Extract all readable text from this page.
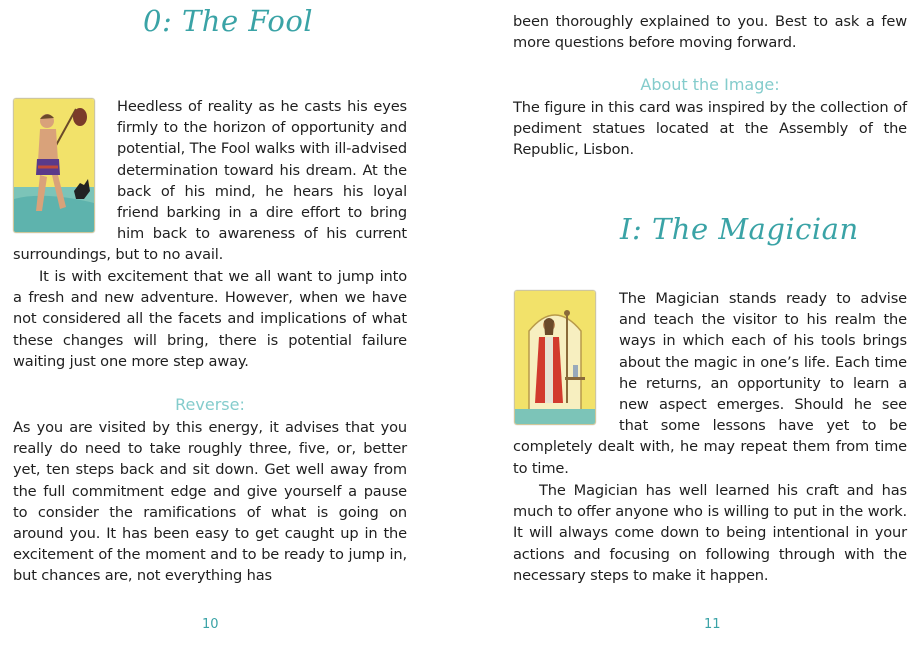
0: The Fool

Heedless of reality as he casts his eyes firmly to the horizon of opportunity and potential, The Fool walks with ill-advised determination toward his dream. At the back of his mind, he hears his loyal friend barking in a dire effort to bring him back to awareness of his current surroundings, but to no avail.

It is with excitement that we all want to jump into a fresh and new adventure. However, when we have not considered all the facets and implications of what these changes will bring, there is potential failure waiting just one more step away.

Reverse:

As you are visited by this energy, it advises that you really do need to take roughly three, five, or, better yet, ten steps back and sit down. Get well away from the full commitment edge and give yourself a pause to consider the ramifications of what is going on around you. It has been easy to get caught up in the excitement of the moment and to be ready to jump in, but chances are, not everything has

10

been thoroughly explained to you. Best to ask a few more questions before moving forward.

About the Image:

The figure in this card was inspired by the collection of pediment statues located at the Assembly of the Republic, Lisbon.

I: The Magician

The Magician stands ready to advise and teach the visitor to his realm the ways in which each of his tools brings about the magic in one’s life. Each time he returns, an opportunity to learn a new aspect emerges. Should he see that some lessons have yet to be completely dealt with, he may repeat them from time to time.

The Magician has well learned his craft and has much to offer anyone who is willing to put in the work. It will always come down to being intentional in your actions and focusing on following through with the necessary steps to make it happen.

11
